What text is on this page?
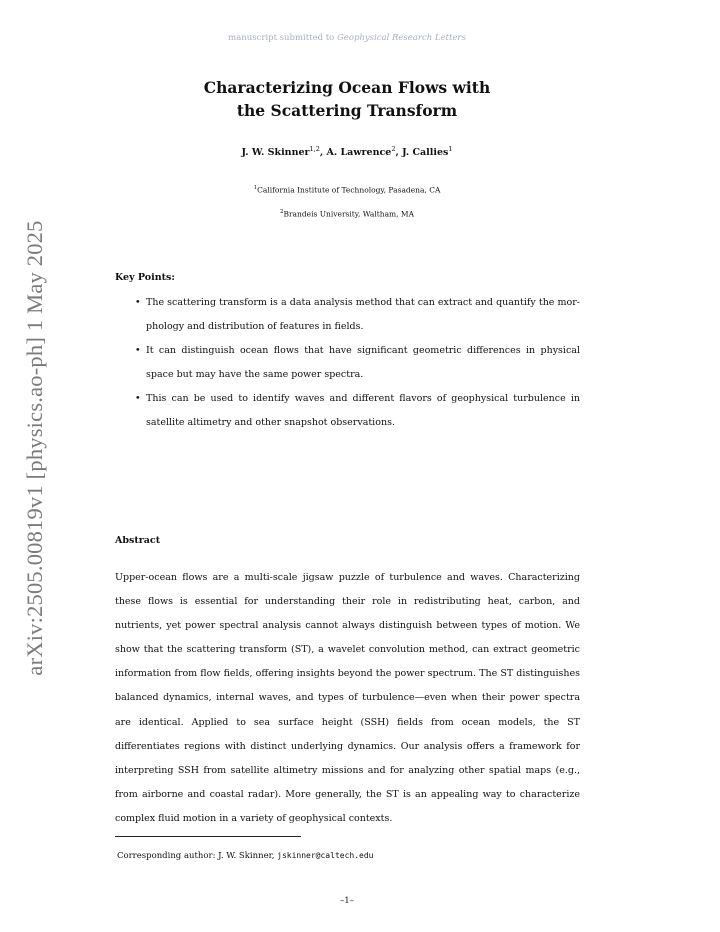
manuscript submitted to Geophysical Research Letters
arXiv:2505.00819v1 [physics.ao-ph] 1 May 2025
Characterizing Ocean Flows with
the Scattering Transform
J. W. Skinner$^{1,2}$, A. Lawrence$^2$, J. Callies$^1$
$^1$California Institute of Technology, Pasadena, CA
$^2$Brandeis University, Waltham, MA
Key Points:
• The scattering transform is a data analysis method that can extract and quantify the mor-phology and distribution of features in fields.
• It can distinguish ocean flows that have significant geometric differences in physical space but may have the same power spectra.
• This can be used to identify waves and different flavors of geophysical turbulence in satellite altimetry and other snapshot observations.
Abstract

Upper-ocean flows are a multi-scale jigsaw puzzle of turbulence and waves. Characterizing these flows is essential for understanding their role in redistributing heat, carbon, and nutrients, yet power spectral analysis cannot always distinguish between types of motion. We show that the scattering transform (ST), a wavelet convolution method, can extract geometric information from flow fields, offering insights beyond the power spectrum. The ST distinguishes balanced dynamics, internal waves, and types of turbulence—even when their power spectra are identical. Applied to sea surface height (SSH) fields from ocean models, the ST differentiates regions with distinct underlying dynamics. Our analysis offers a framework for interpreting SSH from satellite altimetry missions and for analyzing other spatial maps (e.g., from airborne and coastal radar). More generally, the ST is an appealing way to characterize complex fluid motion in a variety of geophysical contexts.

Corresponding author: J. W. Skinner, jskinner@caltech.edu
–1–
